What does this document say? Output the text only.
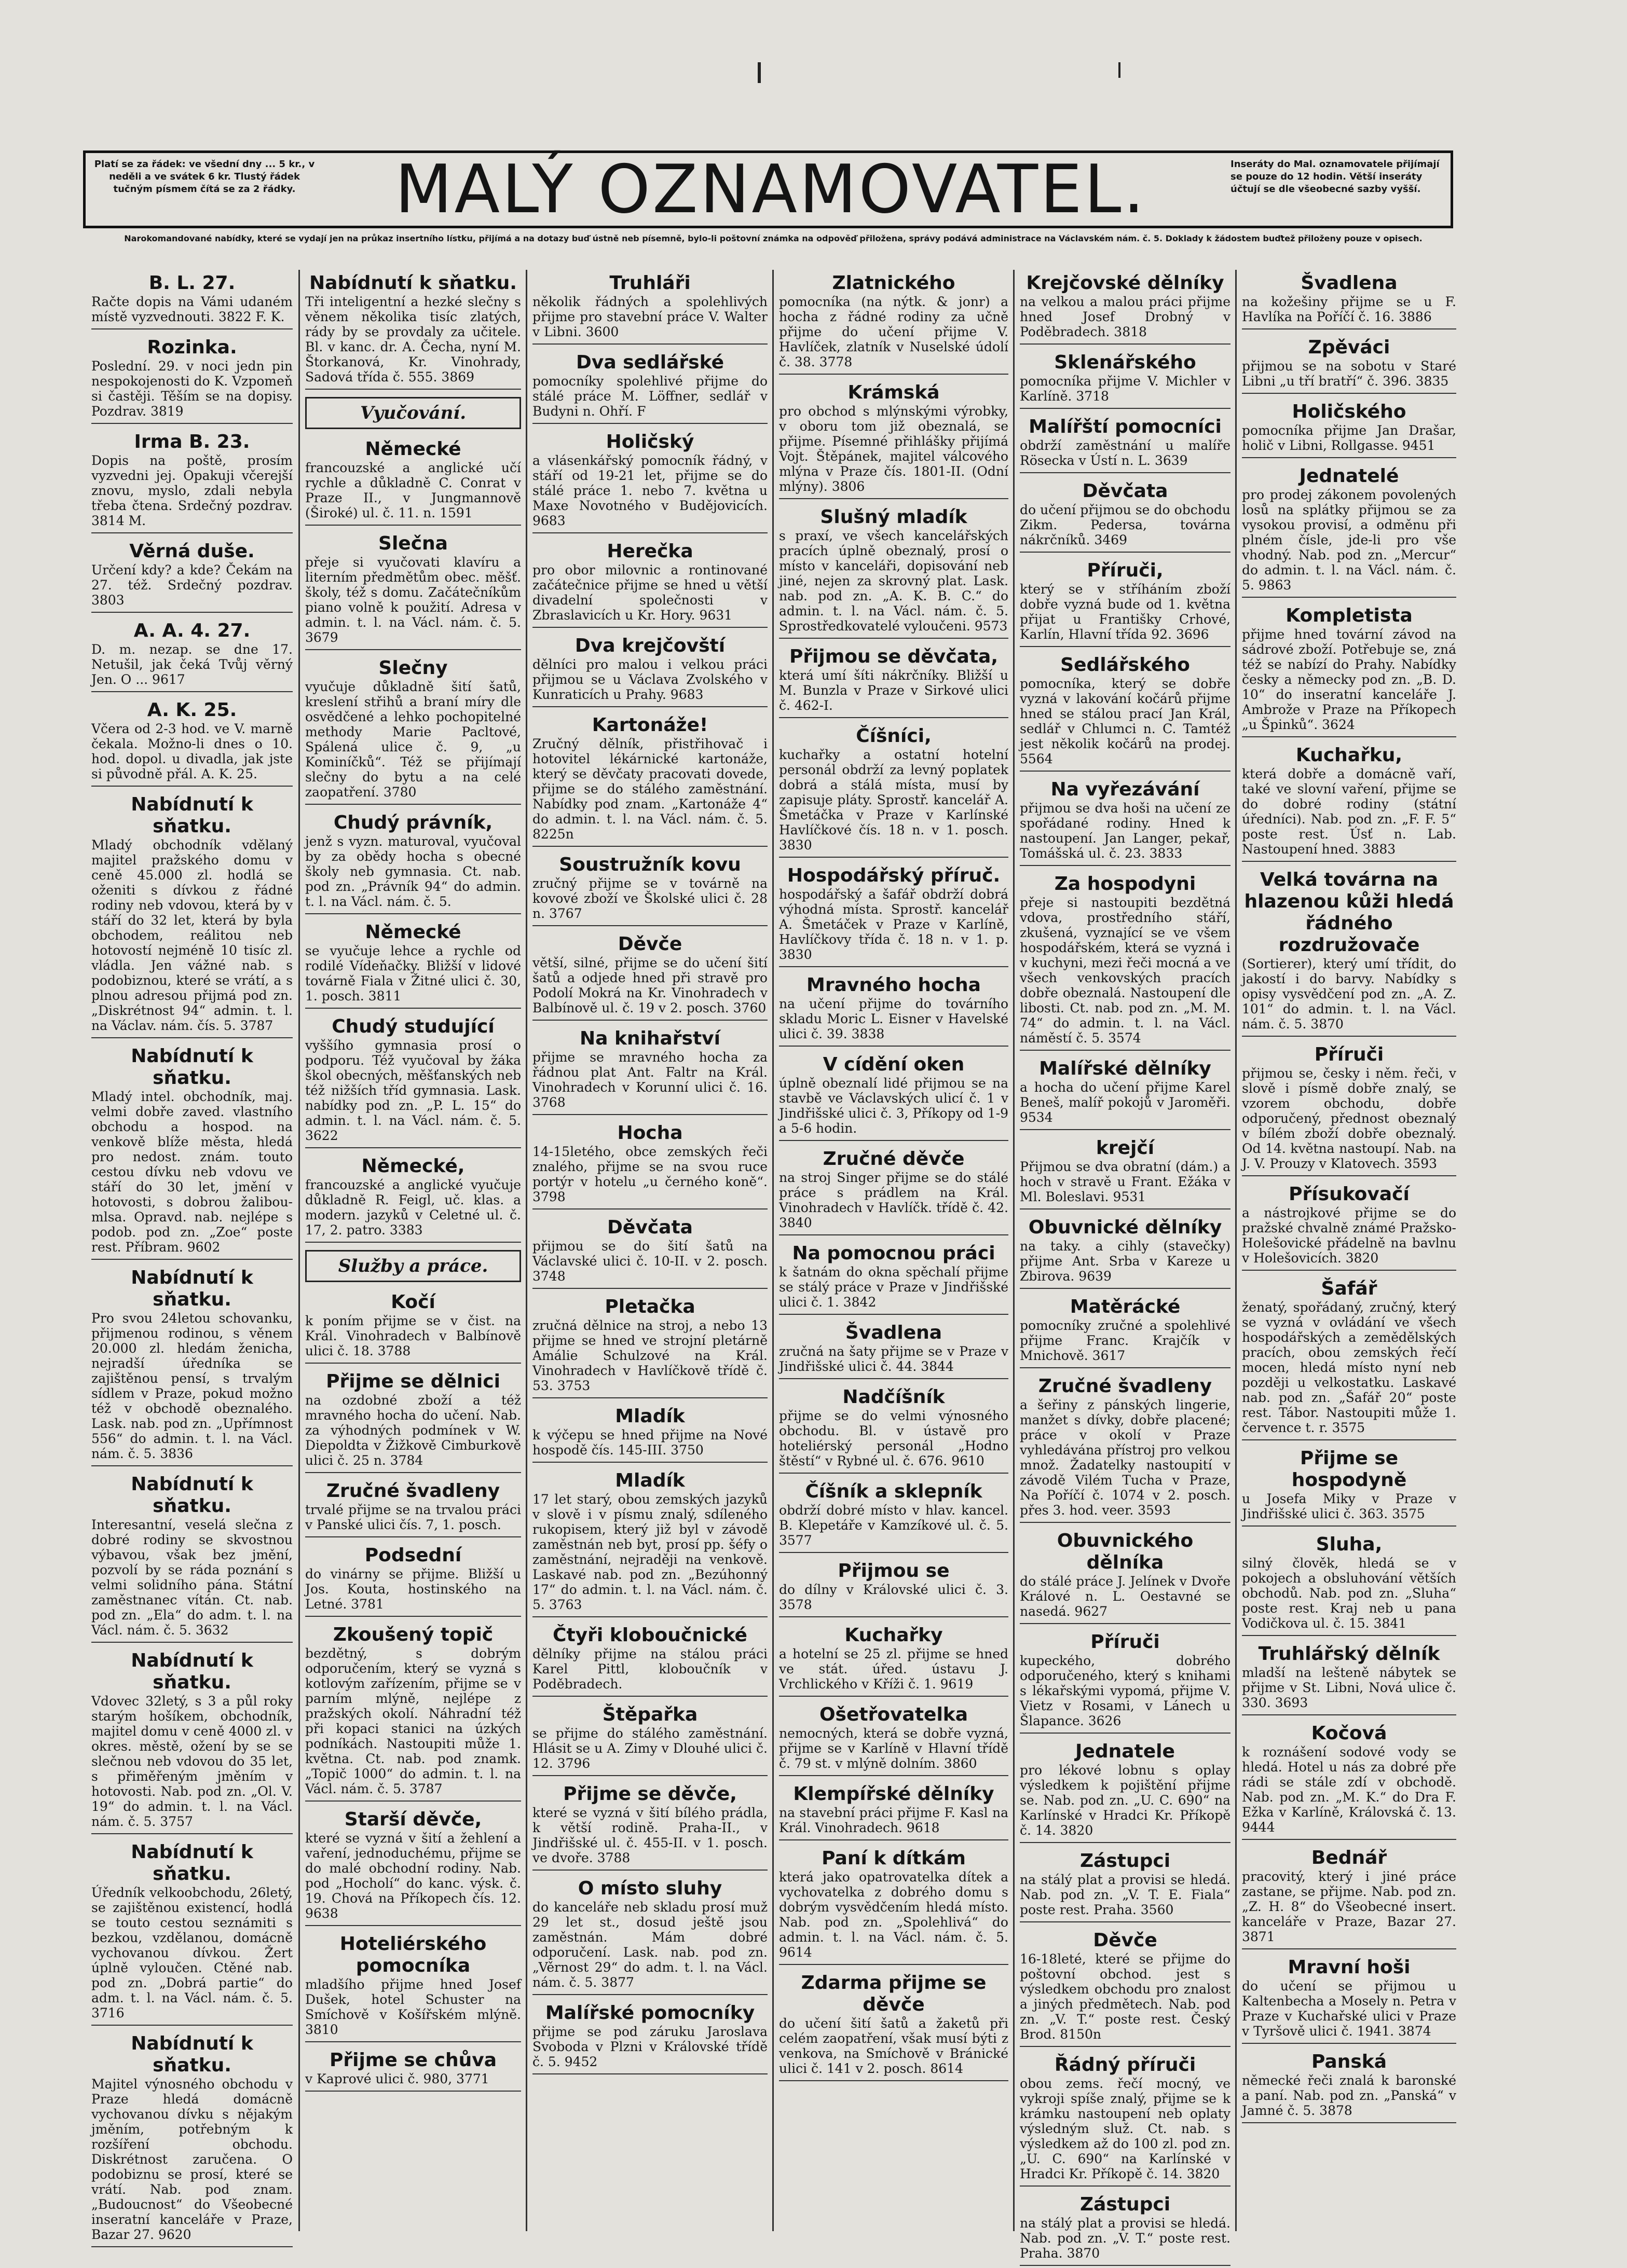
Platí se za řádek: ve všední dny ... 5 kr., v neděli a ve svátek 6 kr. Tlustý řádek tučným písmem čítá se za 2 řádky.	MALÝ OZNAMOVATEL.	Inseráty do Mal. oznamovatele přijímají se pouze do 12 hodin. Větší inseráty účtují se dle všeobecné sazby vyšší.
Narokomandované nabídky, které se vydají jen na průkaz insertního lístku, přijímá a na dotazy buď ústně neb písemně, bylo-li poštovní známka na odpověď přiložena, správy podává administrace na Václavském nám. č. 5. Doklady k žádostem buďtež přiloženy pouze v opisech.
B. L. 27.
Račte dopis na Vámi udaném místě vyzvednouti. 3822 F. K.
Rozinka.
Poslední. 29. v noci jedn pin nespokojenosti do K. Vzpomeň si častěji. Těším se na dopisy. Pozdrav. 3819
Irma B. 23.
Dopis na poště, prosím vyzvedni jej. Opakuji včerejší znovu, myslo, zdali nebyla třeba čtena. Srdečný pozdrav. 3814 M.
Věrná duše.
Určení kdy? a kde? Čekám na 27. též. Srdečný pozdrav. 3803
A. A. 4. 27.
D. m. nezap. se dne 17. Netušil, jak čeká Tvůj věrný Jen. O ... 9617
A. K. 25.
Včera od 2-3 hod. ve V. marně čekala. Možno-li dnes o 10. hod. dopol. u divadla, jak jste si původně přál. A. K. 25.
Nabídnutí k sňatku.
Mladý obchodník vdělaný majitel pražského domu v ceně 45.000 zl. hodlá se oženiti s dívkou z řádné rodiny neb vdovou, která by v stáří do 32 let, která by byla obchodem, reálitou neb hotovostí nejméně 10 tisíc zl. vládla. Jen vážné nab. s podobiznou, které se vrátí, a s plnou adresou přijmá pod zn. „Diskrétnost 94“ admin. t. l. na Václav. nám. čís. 5. 3787
Nabídnutí k sňatku.
Mladý intel. obchodník, maj. velmi dobře zaved. vlastního obchodu a hospod. na venkově blíže města, hledá pro nedost. znám. touto cestou dívku neb vdovu ve stáří do 30 let, jmění v hotovosti, s dobrou žalibou-mlsa. Opravd. nab. nejlépe s podob. pod zn. „Zoe“ poste rest. Příbram. 9602
Nabídnutí k sňatku.
Pro svou 24letou schovanku, přijmenou rodinou, s věnem 20.000 zl. hledám ženicha, nejradší úředníka se zajištěnou pensí, s trvalým sídlem v Praze, pokud možno též v obchodě obeznalého. Lask. nab. pod zn. „Upřímnost 556“ do admin. t. l. na Václ. nám. č. 5. 3836
Nabídnutí k sňatku.
Interesantní, veselá slečna z dobré rodiny se skvostnou výbavou, však bez jmění, pozvolí by se ráda poznání s velmi solidního pána. Státní zaměstnanec vítán. Ct. nab. pod zn. „Ela“ do adm. t. l. na Václ. nám. č. 5. 3632
Nabídnutí k sňatku.
Vdovec 32letý, s 3 a půl roky starým hošíkem, obchodník, majitel domu v ceně 4000 zl. v okres. městě, ožení by se se slečnou neb vdovou do 35 let, s přiměřeným jměním v hotovosti. Nab. pod zn. „Ol. V. 19“ do admin. t. l. na Václ. nám. č. 5. 3757
Nabídnutí k sňatku.
Úředník velkoobchodu, 26letý, se zajištěnou existencí, hodlá se touto cestou seznámiti s bezkou, vzdělanou, domácně vychovanou dívkou. Žert úplně vyloučen. Ctěné nab. pod zn. „Dobrá partie“ do adm. t. l. na Václ. nám. č. 5. 3716
Nabídnutí k sňatku.
Majitel výnosného obchodu v Praze hledá domácně vychovanou dívku s nějakým jměním, potřebným k rozšíření obchodu. Diskrétnost zaručena. O podobiznu se prosí, které se vrátí. Nab. pod znam. „Budoucnost“ do Všeobecné inseratní kanceláře v Praze, Bazar 27. 9620
Nabídnutí k sňatku.
Tři inteligentní a hezké slečny s věnem několika tisíc zlatých, rády by se provdaly za učitele. Bl. v kanc. dr. A. Čecha, nyní M. Štorkanová, Kr. Vinohrady, Sadová třída č. 555. 3869
Vyučování.
Německé
francouzské a anglické učí rychle a důkladně C. Conrat v Praze II., v Jungmannově (Široké) ul. č. 11. n. 1591
Slečna
přeje si vyučovati klavíru a literním předmětům obec. měšť. školy, též s domu. Začátečníkům piano volně k použití. Adresa v admin. t. l. na Václ. nám. č. 5. 3679
Slečny
vyučuje důkladně šití šatů, kreslení střihů a braní míry dle osvědčené a lehko pochopitelné methody Marie Pacltové, Spálená ulice č. 9, „u Kominíčků“. Též se přijímají slečny do bytu a na celé zaopatření. 3780
Chudý právník,
jenž s vyzn. maturoval, vyučoval by za obědy hocha s obecné školy neb gymnasia. Ct. nab. pod zn. „Právník 94“ do admin. t. l. na Václ. nám. č. 5.
Německé
se vyučuje lehce a rychle od rodilé Vídeňačky. Bližší v lidové továrně Fiala v Žitné ulici č. 30, 1. posch. 3811
Chudý studující
vyššího gymnasia prosí o podporu. Též vyučoval by žáka škol obecných, měšťanských neb též nižších tříd gymnasia. Lask. nabídky pod zn. „P. L. 15“ do admin. t. l. na Václ. nám. č. 5. 3622
Německé,
francouzské a anglické vyučuje důkladně R. Feigl, uč. klas. a modern. jazyků v Celetné ul. č. 17, 2. patro. 3383
Služby a práce.
Kočí
k poním přijme se v čist. na Král. Vinohradech v Balbínově ulici č. 18. 3788
Přijme se dělnici
na ozdobné zboží a též mravného hocha do učení. Nab. za výhodných podmínek v W. Diepoldta v Žižkově Cimburkově ulici č. 25 n. 3784
Zručné švadleny
trvalé přijme se na trvalou práci v Panské ulici čís. 7, 1. posch.
Podsední
do vinárny se přijme. Bližší u Jos. Kouta, hostinského na Letné. 3781
Zkoušený topič
bezdětný, s dobrým odporučením, který se vyzná s kotlovým zařízením, přijme se v parním mlýně, nejlépe z pražských okolí. Náhradní též při kopaci stanici na úzkých podníkách. Nastoupiti může 1. května. Ct. nab. pod znamk. „Topič 1000“ do admin. t. l. na Václ. nám. č. 5. 3787
Starší děvče,
které se vyzná v šití a žehlení a vaření, jednoduchému, přijme se do malé obchodní rodiny. Nab. pod „Hocholí“ do kanc. výsk. č. 19. Chová na Příkopech čís. 12. 9638
Hoteliérského pomocníka
mladšího přijme hned Josef Dušek, hotel Schuster na Smíchově v Košířském mlýně. 3810
Přijme se chůva
v Kaprové ulici č. 980, 3771
Truhláři
několik řádných a spolehlivých přijme pro stavební práce V. Walter v Libni. 3600
Dva sedlářské
pomocníky spolehlivé přijme do stálé práce M. Löffner, sedlář v Budyni n. Ohří. F
Holičský
a vlásenkářský pomocník řádný, v stáří od 19-21 let, přijme se do stálé práce 1. nebo 7. května u Maxe Novotného v Budějovicích. 9683
Herečka
pro obor milovnic a rontinované začátečnice přijme se hned u větší divadelní společnosti v Zbraslavicích u Kr. Hory. 9631
Dva krejčovští
dělníci pro malou i velkou práci přijmou se u Václava Zvolského v Kunraticích u Prahy. 9683
Kartonáže!
Zručný dělník, přistřihovač i hotovitel lékárnické kartonáže, který se děvčaty pracovati dovede, přijme se do stálého zaměstnání. Nabídky pod znam. „Kartonáže 4“ do admin. t. l. na Václ. nám. č. 5. 8225n
Soustružník kovu
zručný přijme se v továrně na kovové zboží ve Školské ulici č. 28 n. 3767
Děvče
větší, silné, přijme se do učení šití šatů a odjede hned při stravě pro Podolí Mokrá na Kr. Vinohradech v Balbínově ul. č. 19 v 2. posch. 3760
Na knihařství
přijme se mravného hocha za řádnou plat Ant. Faltr na Král. Vinohradech v Korunní ulici č. 16. 3768
Hocha
14-15letého, obce zemských řeči znalého, přijme se na svou ruce portýr v hotelu „u černého koně“. 3798
Děvčata
přijmou se do šití šatů na Václavské ulici č. 10-II. v 2. posch. 3748
Pletačka
zručná dělnice na stroj, a nebo 13 přijme se hned ve strojní pletárně Amálie Schulzové na Král. Vinohradech v Havlíčkově třídě č. 53. 3753
Mladík
k výčepu se hned přijme na Nové hospodě čís. 145-III. 3750
Mladík
17 let starý, obou zemských jazyků v slově i v písmu znalý, sdíleného rukopisem, který již byl v závodě zaměstnán neb byt, prosí pp. šéfy o zaměstnání, nejraději na venkově. Laskavé nab. pod zn. „Bezúhonný 17“ do admin. t. l. na Václ. nám. č. 5. 3763
Čtyři kloboučnické
dělníky přijme na stálou práci Karel Pittl, kloboučník v Poděbradech.
Štěpařka
se přijme do stálého zaměstnání. Hlásit se u A. Zimy v Dlouhé ulici č. 12. 3796
Přijme se děvče,
které se vyzná v šití bílého prádla, k větší rodině. Praha-II., v Jindřišské ul. č. 455-II. v 1. posch. ve dvoře. 3788
O místo sluhy
do kanceláře neb skladu prosí muž 29 let st., dosud ještě jsou zaměstnán. Mám dobré odporučení. Lask. nab. pod zn. „Věrnost 29“ do adm. t. l. na Václ. nám. č. 5. 3877
Malířské pomocníky
přijme se pod záruku Jaroslava Svoboda v Plzni v Královské třídě č. 5. 9452
Zlatnického
pomocníka (na nýtk. & jonr) a hocha z řádné rodiny za učně přijme do učení přijme V. Havlíček, zlatník v Nuselské údolí č. 38. 3778
Krámská
pro obchod s mlýnskými výrobky, v oboru tom již obeznalá, se přijme. Písemné přihlášky přijímá Vojt. Štěpánek, majitel válcového mlýna v Praze čís. 1801-II. (Odní mlýny). 3806
Slušný mladík
s praxí, ve všech kancelářských pracích úplně obeznalý, prosí o místo v kanceláři, dopisování neb jiné, nejen za skrovný plat. Lask. nab. pod zn. „A. K. B. C.“ do admin. t. l. na Václ. nám. č. 5. Sprostředkovatelé vyloučeni. 9573
Přijmou se děvčata,
která umí šíti nákrčníky. Bližší u M. Bunzla v Praze v Sirkové ulici č. 462-I.
Číšníci,
kuchařky a ostatní hotelní personál obdrží za levný poplatek dobrá a stálá místa, musí by zapisuje pláty. Sprostř. kancelář A. Šmetáčka v Praze v Karlínské Havlíčkové čís. 18 n. v 1. posch. 3830
Hospodářský příruč.
hospodářský a šafář obdrží dobrá výhodná místa. Sprostř. kancelář A. Šmetáček v Praze v Karlíně, Havlíčkovy třída č. 18 n. v 1. p. 3830
Mravného hocha
na učení přijme do továrního skladu Moric L. Eisner v Havelské ulici č. 39. 3838
V cídění oken
úplně obeznalí lidé přijmou se na stavbě ve Václavských ulicí č. 1 v Jindřišské ulici č. 3, Příkopy od 1-9 a 5-6 hodin.
Zručné děvče
na stroj Singer přijme se do stálé práce s prádlem na Král. Vinohradech v Havlíčk. třídě č. 42. 3840
Na pomocnou práci
k šatnám do okna spěchalí přijme se stálý práce v Praze v Jindřišské ulici č. 1. 3842
Švadlena
zručná na šaty přijme se v Praze v Jindřišské ulici č. 44. 3844
Nadčíšník
přijme se do velmi výnosného obchodu. Bl. v ústavě pro hoteliérský personál „Hodno štěstí“ v Rybné ul. č. 676. 9610
Číšník a sklepník
obdrží dobré místo v hlav. kancel. B. Klepetáře v Kamzíkové ul. č. 5. 3577
Přijmou se
do dílny v Královské ulici č. 3. 3578
Kuchařky
a hotelní se 25 zl. přijme se hned ve stát. úřed. ústavu J. Vrchlického v Kříži č. 1. 9619
Ošetřovatelka
nemocných, která se dobře vyzná, přijme se v Karlíně v Hlavní třídě č. 79 st. v mlýně dolním. 3860
Klempířské dělníky
na stavební práci přijme F. Kasl na Král. Vinohradech. 9618
Paní k dítkám
která jako opatrovatelka dítek a vychovatelka z dobrého domu s dobrým vysvědčením hledá místo. Nab. pod zn. „Spolehlivá“ do admin. t. l. na Václ. nám. č. 5. 9614
Zdarma přijme se děvče
do učení šití šatů a žaketů při celém zaopatření, však musí býti z venkova, na Smíchově v Bránické ulici č. 141 v 2. posch. 8614
Krejčovské dělníky
na velkou a malou práci přijme hned Josef Drobný v Poděbradech. 3818
Sklenářského
pomocníka přijme V. Michler v Karlíně. 3718
Malířští pomocníci
obdrží zaměstnání u malíře Rösecka v Ústí n. L. 3639
Děvčata
do učení přijmou se do obchodu Zikm. Pedersa, továrna nákrčníků. 3469
Příruči,
který se v stříháním zboží dobře vyzná bude od 1. května přijat u Františky Crhové, Karlín, Hlavní třída 92. 3696
Sedlářského
pomocníka, který se dobře vyzná v lakování kočárů přijme hned se stálou prací Jan Král, sedlář v Chlumci n. C. Tamtéž jest několik kočárů na prodej. 5564
Na vyřezávání
přijmou se dva hoši na učení ze spořádané rodiny. Hned k nastoupení. Jan Langer, pekař, Tomášská ul. č. 23. 3833
Za hospodyni
přeje si nastoupiti bezdětná vdova, prostředního stáří, zkušená, vyznající se ve všem hospodářském, která se vyzná i v kuchyni, mezi řeči mocná a ve všech venkovských pracích dobře obeznalá. Nastoupení dle libosti. Ct. nab. pod zn. „M. M. 74“ do admin. t. l. na Václ. náměstí č. 5. 3574
Malířské dělníky
a hocha do učení přijme Karel Beneš, malíř pokojů v Jaroměři. 9534
krejčí
Přijmou se dva obratní (dám.) a hoch v stravě u Frant. Ežáka v Ml. Boleslavi. 9531
Obuvnické dělníky
na taky. a cihly (stavečky) přijme Ant. Srba v Kareze u Zbirova. 9639
Matěrácké
pomocníky zručné a spolehlivé přijme Franc. Krajčík v Mnichově. 3617
Zručné švadleny
a šeřiny z pánských lingerie, manžet s dívky, dobře placené; práce v okolí v Praze vyhledávána přístroj pro velkou množ. Žadatelky nastoupití v závodě Vilém Tucha v Praze, Na Poříčí č. 1074 v 2. posch. přes 3. hod. veer. 3593
Obuvnického dělníka
do stálé práce J. Jelínek v Dvoře Králové n. L. Oestavné se nasedá. 9627
Příruči
kupeckého, dobrého odporučeného, který s knihami s lékařskými vypomá, přijme V. Vietz v Rosami, v Lánech u Šlapance. 3626
Jednatele
pro lékové lobnu s oplay výsledkem k pojištění přijme se. Nab. pod zn. „U. C. 690“ na Karlínské v Hradci Kr. Příkopě č. 14. 3820
Zástupci
na stálý plat a provisi se hledá. Nab. pod zn. „V. T. E. Fiala“ poste rest. Praha. 3560
Děvče
16-18leté, které se přijme do poštovní obchod. jest s výsledkem obchodu pro znalost a jiných předmětech. Nab. pod zn. „V. T.“ poste rest. Český Brod. 8150n
Řádný příruči
obou zems. řečí mocný, ve vykroji spíše znalý, přijme se k krámku nastoupení neb oplaty výsledným služ. Ct. nab. s výsledkem až do 100 zl. pod zn. „U. C. 690“ na Karlínské v Hradci Kr. Příkopě č. 14. 3820
Zástupci
na stálý plat a provisi se hledá. Nab. pod zn. „V. T.“ poste rest. Praha. 3870
Švadlena
na kožešiny přijme se u F. Havlíka na Poříčí č. 16. 3886
Zpěváci
přijmou se na sobotu v Staré Libni „u tří bratří“ č. 396. 3835
Holičského
pomocníka přijme Jan Drašar, holič v Libni, Rollgasse. 9451
Jednatelé
pro prodej zákonem povolených losů na splátky přijmou se za vysokou provisí, a odměnu při plném čísle, jde-li pro vše vhodný. Nab. pod zn. „Mercur“ do admin. t. l. na Václ. nám. č. 5. 9863
Kompletista
přijme hned tovární závod na sádrové zboží. Potřebuje se, zná též se nabízí do Prahy. Nabídky česky a německy pod zn. „B. D. 10“ do inseratní kanceláře J. Ambrože v Praze na Příkopech „u Špinků“. 3624
Kuchařku,
která dobře a domácně vaří, také ve slovní vaření, přijme se do dobré rodiny (státní úředníci). Nab. pod zn. „F. F. 5“ poste rest. Úsť n. Lab. Nastoupení hned. 3883
Velká továrna na hlazenou kůži hledá řádného rozdružovače
(Sortierer), který umí třídit, do jakostí i do barvy. Nabídky s opisy vysvědčení pod zn. „A. Z. 101“ do admin. t. l. na Václ. nám. č. 5. 3870
Příruči
přijmou se, česky i něm. řeči, v slově i písmě dobře znalý, se vzorem obchodu, dobře odporučený, přednost obeznalý v bílém zboží dobře obeznalý. Od 14. května nastoupí. Nab. na J. V. Prouzy v Klatovech. 3593
Přísukovačí
a nástrojkové přijme se do pražské chvalně známé Pražsko-Holešovické přádelně na bavlnu v Holešovicích. 3820
Šafář
ženatý, spořádaný, zručný, který se vyzná v ovládání ve všech hospodářských a zemědělských pracích, obou zemských řečí mocen, hledá místo nyní neb později u velkostatku. Laskavé nab. pod zn. „Šafář 20“ poste rest. Tábor. Nastoupiti může 1. července t. r. 3575
Přijme se hospodyně
u Josefa Miky v Praze v Jindřišské ulici č. 363. 3575
Sluha,
silný člověk, hledá se v pokojech a obsluhování větších obchodů. Nab. pod zn. „Sluha“ poste rest. Kraj neb u pana Vodičkova ul. č. 15. 3841
Truhlářský dělník
mladší na lešteně nábytek se přijme v St. Libni, Nová ulice č. 330. 3693
Kočová
k roznášení sodové vody se hledá. Hotel u nás za dobré pře rádi se stále zdí v obchodě. Nab. pod zn. „M. K.“ do Dra F. Ežka v Karlíně, Královská č. 13. 9444
Bednář
pracovitý, který i jiné práce zastane, se přijme. Nab. pod zn. „Z. H. 8“ do Všeobecné insert. kanceláře v Praze, Bazar 27. 3871
Mravní hoši
do učení se přijmou u Kaltenbecha a Mosely n. Petra v Praze v Kuchařské ulici v Praze v Tyršově ulici č. 1941. 3874
Panská
německé řeči znalá k baronské a paní. Nab. pod zn. „Panská“ v Jamné č. 5. 3878
